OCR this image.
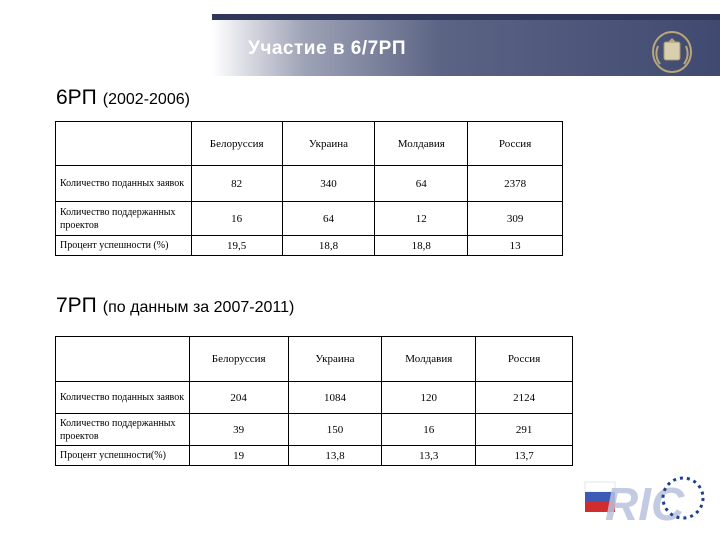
Участие в 6/7РП
6РП (2002-2006)
	Белоруссия	Украина	Молдавия	Россия
Количество поданных заявок	82	340	64	2378
Количество поддержанных проектов	16	64	12	309
Процент успешности (%)	19,5	18,8	18,8	13
7РП (по данным за 2007-2011)
	Белоруссия	Украина	Молдавия	Россия
Количество поданных заявок	204	1084	120	2124
Количество поддержанных проектов	39	150	16	291
Процент успешности(%)	19	13,8	13,3	13,7
RIC
